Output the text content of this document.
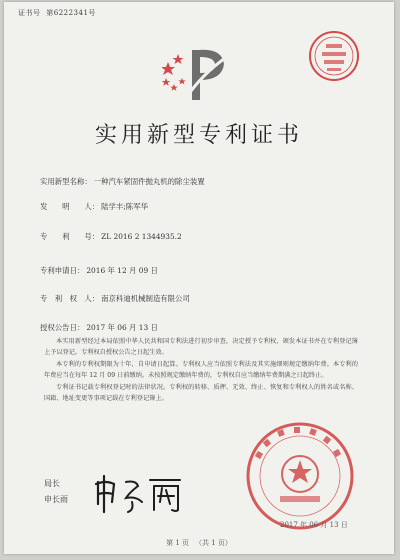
证书号 第6222341号
实用新型专利证书
实用新型名称： 一种汽车紧固件抛丸机的除尘装置
发　　明　　人： 陆学丰;陈军华
专　　利　　号： ZL 2016 2 1344935.2
专利申请日： 2016 年 12 月 09 日
专　利　权　人： 南京科迪机械制造有限公司
授权公告日： 2017 年 06 月 13 日

本实用新型经过本局依照中华人民共和国专利法进行初步审查，决定授予专利权，颁发本证书并在专利登记簿上予以登记。专利权自授权公告之日起生效。

本专利的专利权期限为十年，自申请日起算。专利权人应当依照专利法及其实施细则规定缴纳年费。本专利的年费应当在每年 12 月 09 日前缴纳。未按照规定缴纳年费的，专利权自应当缴纳年费期满之日起终止。

专利证书记载专利权登记时的法律状况。专利权的转移、质押、无效、终止、恢复和专利权人的姓名或名称、国籍、地址变更等事项记载在专利登记簿上。

局长
申长雨
2017 年 06 月 13 日
第 1 页 （共 1 页）
